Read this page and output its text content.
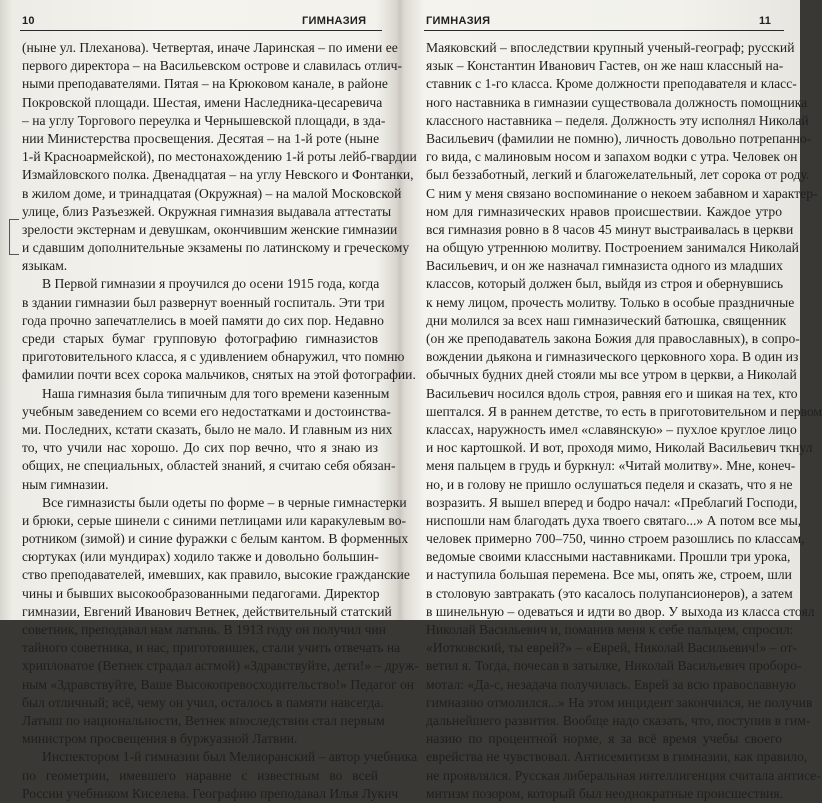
10	ГИМНАЗИЯ
(ныне ул. Плеханова). Четвертая, иначе Ларинская – по имени ее
первого директора – на Васильевском острове и славилась отлич-
ными преподавателями. Пятая – на Крюковом канале, в районе
Покровской площади. Шестая, имени Наследника-цесаревича
– на углу Торгового переулка и Чернышевской площади, в зда-
нии Министерства просвещения. Десятая – на 1-й роте (ныне
1-й Красноармейской), по местонахождению 1-й роты лейб-гвардии
Измайловского полка. Двенадцатая – на углу Невского и Фонтанки,
в жилом доме, и тринадцатая (Окружная) – на малой Московской
улице, близ Разъезжей. Окружная гимназия выдавала аттестаты
зрелости экстернам и девушкам, окончившим женские гимназии
и сдавшим дополнительные экзамены по латинскому и греческому
языкам.
В Первой гимназии я проучился до осени 1915 года, когда
в здании гимназии был развернут военный госпиталь. Эти три
года прочно запечатлелись в моей памяти до сих пор. Недавно
среди старых бумаг групповую фотографию гимназистов
приготовительного класса, я с удивлением обнаружил, что помню
фамилии почти всех сорока мальчиков, снятых на этой фотографии.
Наша гимназия была типичным для того времени казенным
учебным заведением со всеми его недостатками и достоинства-
ми. Последних, кстати сказать, было не мало. И главным из них
то, что учили нас хорошо. До сих пор вечно, что я знаю из
общих, не специальных, областей знаний, я считаю себя обязан-
ным гимназии.
Все гимназисты были одеты по форме – в черные гимнастерки
и брюки, серые шинели с синими петлицами или каракулевым во-
ротником (зимой) и синие фуражки с белым кантом. В форменных
сюртуках (или мундирах) ходило также и довольно большин-
ство преподавателей, имевших, как правило, высокие гражданские
чины и бывших высокообразованными педагогами. Директор
гимназии, Евгений Иванович Ветнек, действительный статский
советник, преподавал нам латынь. В 1913 году он получил чин
тайного советника, и нас, приготовишек, стали учить отвечать на
хрипловатое (Ветнек страдал астмой) «Здравствуйте, дети!» – друж-
ным «Здравствуйте, Ваше Высокопревосходительство!» Педагог он
был отличный; всё, чему он учил, осталось в памяти навсегда.
Латыш по национальности, Ветнек впоследствии стал первым
министром просвещения в буржуазной Латвии.
Инспектором 1-й гимназии был Мелиоранский – автор учебника
по геометрии, имевшего наравне с известным во всей
России учебником Киселева. Географию преподавал Илья Лукич
ГИМНАЗИЯ	11
Маяковский – впоследствии крупный ученый-географ; русский
язык – Константин Иванович Гастев, он же наш классный на-
ставник с 1-го класса. Кроме должности преподавателя и класс-
ного наставника в гимназии существовала должность помощника
классного наставника – педеля. Должность эту исполнял Николай
Васильевич (фамилии не помню), личность довольно потрепанно-
го вида, с малиновым носом и запахом водки с утра. Человек он
был беззаботный, легкий и благожелательный, лет сорока от роду.
С ним у меня связано воспоминание о некоем забавном и характер-
ном для гимназических нравов происшествии. Каждое утро
вся гимназия ровно в 8 часов 45 минут выстраивалась в церкви
на общую утреннюю молитву. Построением занимался Николай
Васильевич, и он же назначал гимназиста одного из младших
классов, который должен был, выйдя из строя и обернувшись
к нему лицом, прочесть молитву. Только в особые праздничные
дни молился за всех наш гимназический батюшка, священник
(он же преподаватель закона Божия для православных), в сопро-
вождении дьякона и гимназического церковного хора. В один из
обычных будних дней стояли мы все утром в церкви, а Николай
Васильевич носился вдоль строя, равняя его и шикая на тех, кто
шептался. Я в раннем детстве, то есть в приготовительном и первом
классах, наружность имел «славянскую» – пухлое круглое лицо
и нос картошкой. И вот, проходя мимо, Николай Васильевич ткнул
меня пальцем в грудь и буркнул: «Читай молитву». Мне, конеч-
но, и в голову не пришло ослушаться педеля и сказать, что я не
возразить. Я вышел вперед и бодро начал: «Преблагий Господи,
ниспошли нам благодать духа твоего святаго...» А потом все мы,
человек примерно 700–750, чинно строем разошлись по классам,
ведомые своими классными наставниками. Прошли три урока,
и наступила большая перемена. Все мы, опять же, строем, шли
в столовую завтракать (это касалось полупансионеров), а затем
в шинельную – одеваться и идти во двор. У выхода из класса стоял
Николай Васильевич и, поманив меня к себе пальцем, спросил:
«Иотковский, ты еврей?» – «Еврей, Николай Васильевич!» – от-
ветил я. Тогда, почесав в затылке, Николай Васильевич проборо-
мотал: «Да-с, незадача получилась. Еврей за всю православную
гимназию отмолился...» На этом инцидент закончился, не получив
дальнейшего развития. Вообще надо сказать, что, поступив в гим-
назию по процентной норме, я за всё время учебы своего
еврейства не чувствовал. Антисемитизм в гимназии, как правило,
не проявлялся. Русская либеральная интеллигенция считала антисе-
митизм позором, который был неоднократные происшествия.
